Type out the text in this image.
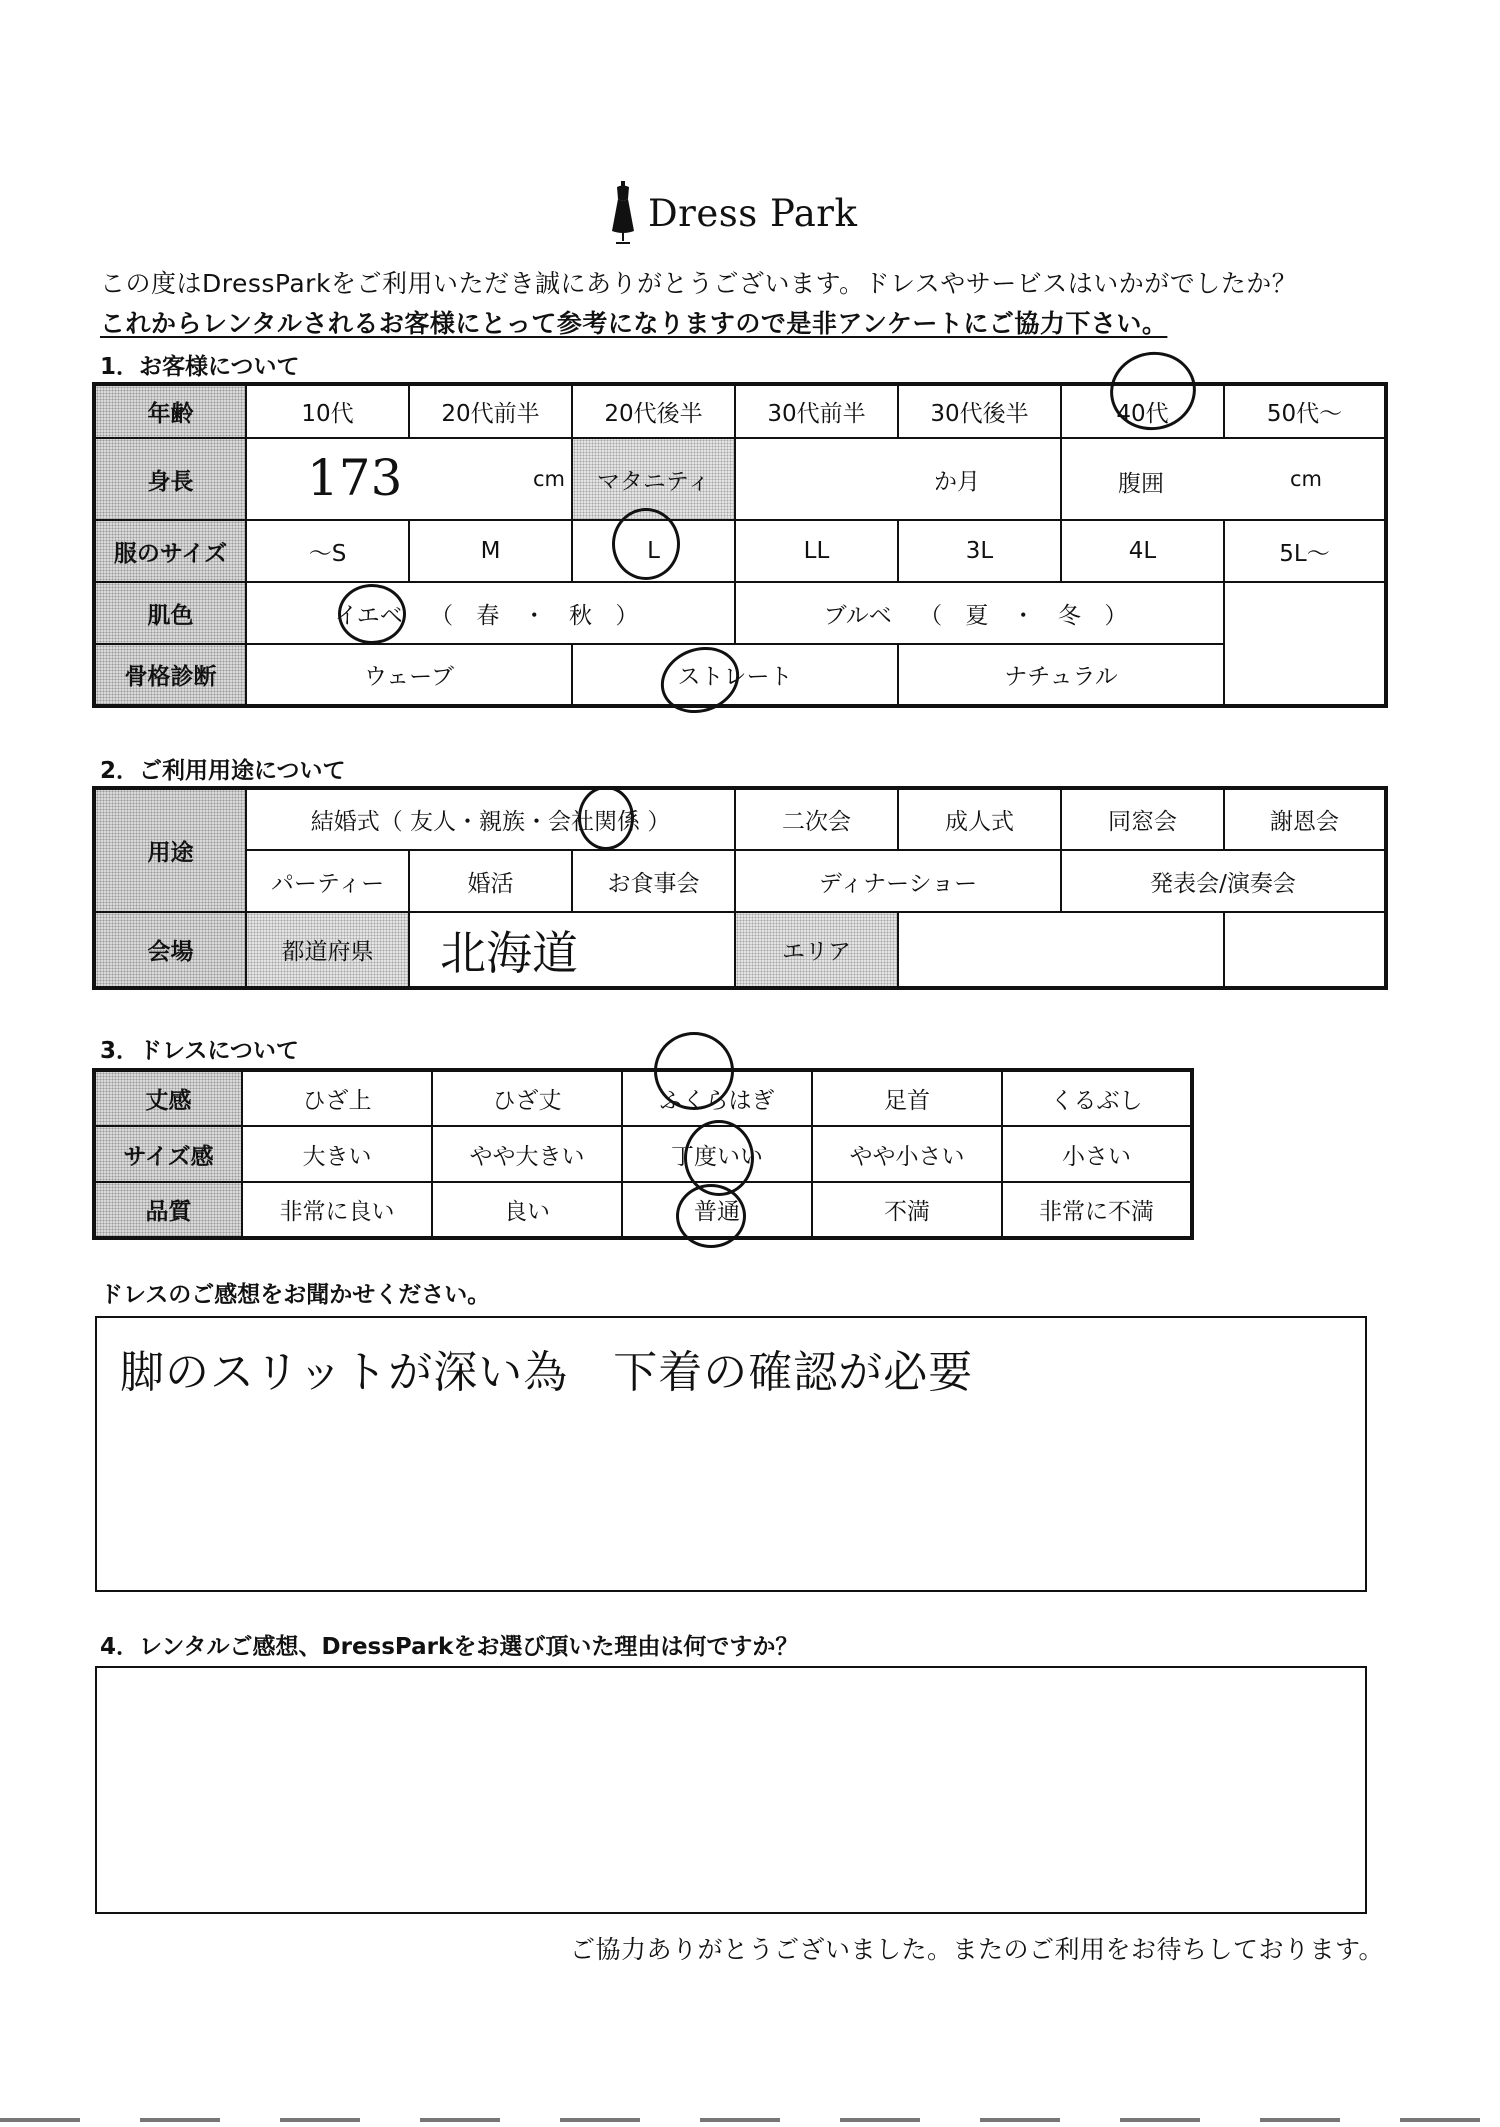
Dress Park
この度はDressParkをご利用いただき誠にありがとうございます。ドレスやサービスはいかがでしたか？
これからレンタルされるお客様にとって参考になりますので是非アンケートにご協力下さい。
1．お客様について
年齢	10代	20代前半	20代後半	30代前半	30代後半	40代	50代～
身長	173 cm		マタニティ	か月		腹囲 cm	

服のサイズ	～S	M	L	LL	3L	4L	5L～
肌色	イエベ （ 春 ・ 秋 ）			ブルベ （ 夏 ・ 冬 ）			
骨格診断	ウェーブ		ストレート		ナチュラル		
2．ご利用用途について
用途	結婚式（ 友人・親族・会社関係 ）			二次会	成人式	同窓会	謝恩会
	パーティー	婚活	お食事会	ディナーショー		発表会/演奏会	
会場	都道府県	北海道		エリア			
3．ドレスについて
丈感	ひざ上	ひざ丈	ふくらはぎ	足首	くるぶし
サイズ感	大きい	やや大きい	丁度いい	やや小さい	小さい
品質	非常に良い	良い	普通	不満	非常に不満
ドレスのご感想をお聞かせください。
脚のスリットが深い為　下着の確認が必要
4．レンタルご感想、DressParkをお選び頂いた理由は何ですか？
ご協力ありがとうございました。またのご利用をお待ちしております。
